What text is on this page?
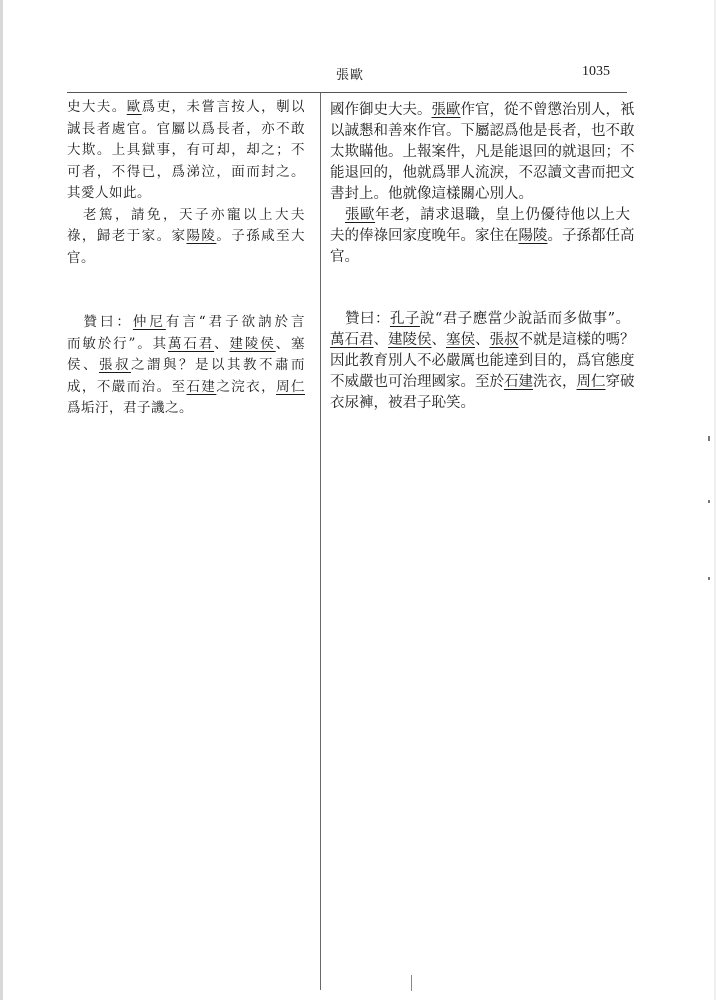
張歐	1035
史大夫。歐爲吏，未嘗言按人，剸以
誠長者處官。官屬以爲長者，亦不敢
大欺。上具獄事，有可却，却之；不
可者，不得已，爲涕泣，面而封之。
其愛人如此。
　老篤，請免，天子亦寵以上大夫
祿，歸老于家。家陽陵。子孫咸至大
官。
　贊曰：仲尼有言“君子欲訥於言
而敏於行”。其萬石君、建陵侯、塞
侯、張叔之謂與？是以其教不肅而
成，不嚴而治。至石建之浣衣，周仁
爲垢汙，君子譏之。
國作御史大夫。張歐作官，從不曾懲治別人，衹
以誠懇和善來作官。下屬認爲他是長者，也不敢
太欺瞞他。上報案件，凡是能退回的就退回；不
能退回的，他就爲罪人流淚，不忍讀文書而把文
書封上。他就像這樣關心別人。
　張歐年老，請求退職，皇上仍優待他以上大
夫的俸祿回家度晚年。家住在陽陵。子孫都任高
官。
　贊曰：孔子說“君子應當少說話而多做事”。
萬石君、建陵侯、塞侯、張叔不就是這樣的嗎？
因此教育別人不必嚴厲也能達到目的，爲官態度
不威嚴也可治理國家。至於石建洗衣，周仁穿破
衣尿褲，被君子恥笑。
